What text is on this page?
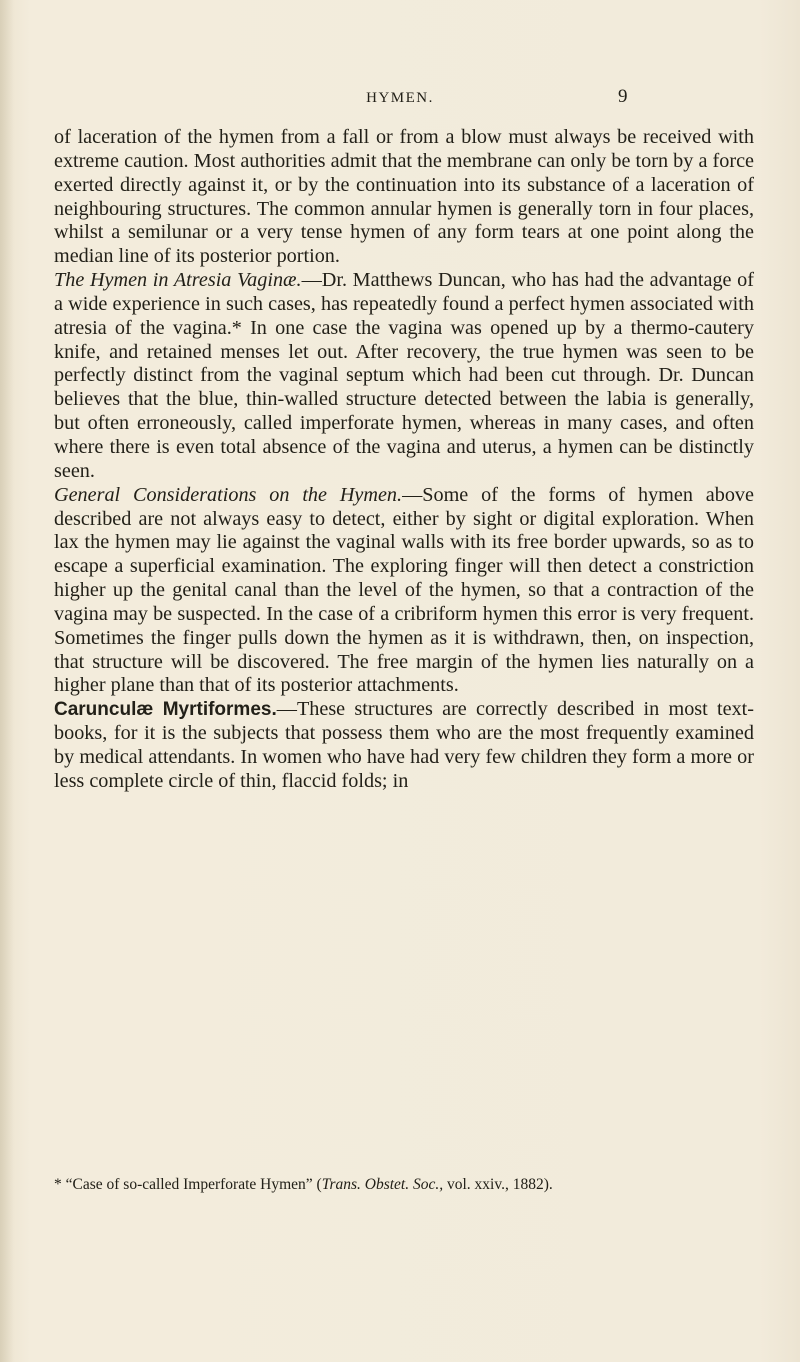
HYMEN.	9

of laceration of the hymen from a fall or from a blow must always be received with extreme caution. Most authorities admit that the membrane can only be torn by a force exerted directly against it, or by the continuation into its substance of a laceration of neighbouring structures. The common annular hymen is generally torn in four places, whilst a semilunar or a very tense hymen of any form tears at one point along the median line of its posterior portion.

The Hymen in Atresia Vaginæ.—Dr. Matthews Duncan, who has had the advantage of a wide experience in such cases, has repeatedly found a perfect hymen associated with atresia of the vagina.* In one case the vagina was opened up by a thermo-cautery knife, and retained menses let out. After recovery, the true hymen was seen to be perfectly distinct from the vaginal septum which had been cut through. Dr. Duncan believes that the blue, thin-walled structure detected between the labia is generally, but often erroneously, called imperforate hymen, whereas in many cases, and often where there is even total absence of the vagina and uterus, a hymen can be distinctly seen.

General Considerations on the Hymen.—Some of the forms of hymen above described are not always easy to detect, either by sight or digital exploration. When lax the hymen may lie against the vaginal walls with its free border upwards, so as to escape a superficial examination. The exploring finger will then detect a constriction higher up the genital canal than the level of the hymen, so that a contraction of the vagina may be suspected. In the case of a cribriform hymen this error is very frequent. Sometimes the finger pulls down the hymen as it is withdrawn, then, on inspection, that structure will be discovered. The free margin of the hymen lies naturally on a higher plane than that of its posterior attachments.

Carunculæ Myrtiformes.—These structures are correctly described in most text-books, for it is the subjects that possess them who are the most frequently examined by medical attendants. In women who have had very few children they form a more or less complete circle of thin, flaccid folds; in

* “Case of so-called Imperforate Hymen” (Trans. Obstet. Soc., vol. xxiv., 1882).
